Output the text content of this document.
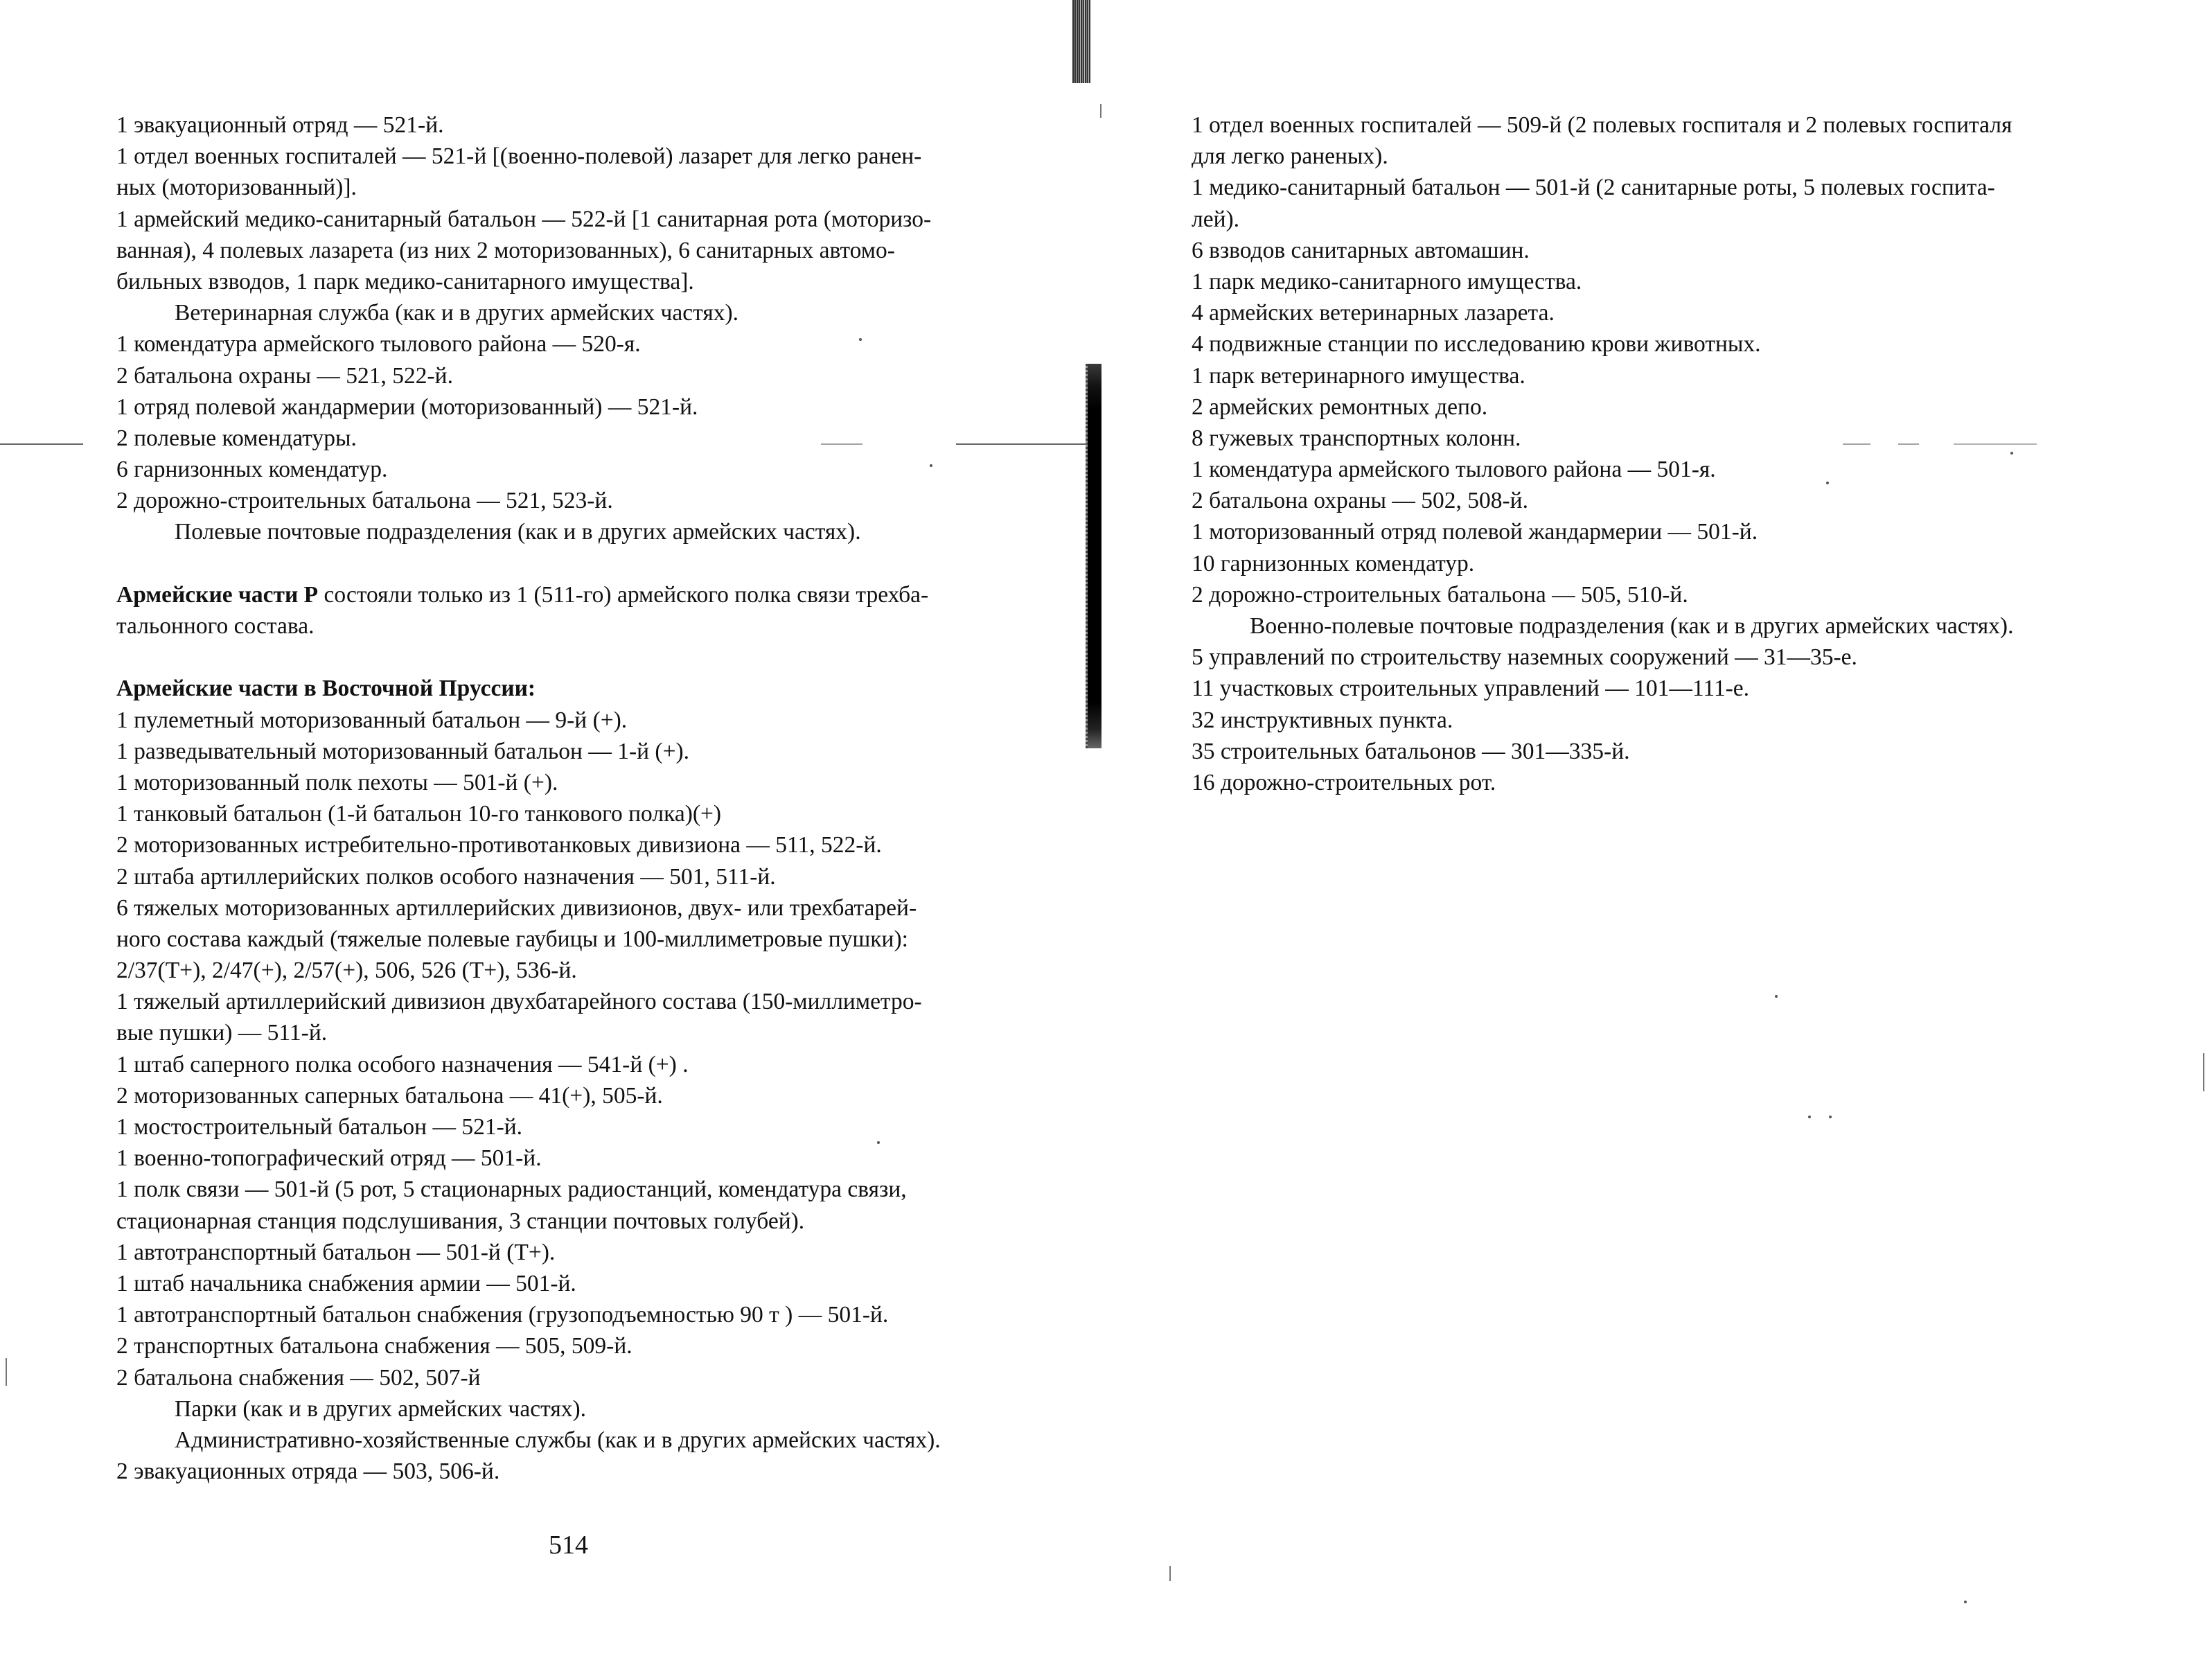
1 эвакуационный отряд — 521-й.
1 отдел военных госпиталей — 521-й [(военно-полевой) лазарет для легко ранен-
ных (моторизованный)].
1 армейский медико-санитарный батальон — 522-й [1 санитарная рота (моторизо-
ванная), 4 полевых лазарета (из них 2 моторизованных), 6 санитарных автомо-
бильных взводов, 1 парк медико-санитарного имущества].
Ветеринарная служба (как и в других армейских частях).
1 комендатура армейского тылового района — 520-я.
2 батальона охраны — 521, 522-й.
1 отряд полевой жандармерии (моторизованный) — 521-й.
2 полевые комендатуры.
6 гарнизонных комендатур.
2 дорожно-строительных батальона — 521, 523-й.
Полевые почтовые подразделения (как и в других армейских частях).
Армейские части Р состояли только из 1 (511-го) армейского полка связи трехба-
тальонного состава.
Армейские части в Восточной Пруссии:
1 пулеметный моторизованный батальон — 9-й (+).
1 разведывательный моторизованный батальон — 1-й (+).
1 моторизованный полк пехоты — 501-й (+).
1 танковый батальон (1-й батальон 10-го танкового полка)(+)
2 моторизованных истребительно-противотанковых дивизиона — 511, 522-й.
2 штаба артиллерийских полков особого назначения — 501, 511-й.
6 тяжелых моторизованных артиллерийских дивизионов, двух- или трехбатарей-
ного состава каждый (тяжелые полевые гаубицы и 100-миллиметровые пушки):
2/37(Т+), 2/47(+), 2/57(+), 506, 526 (Т+), 536-й.
1 тяжелый артиллерийский дивизион двухбатарейного состава (150-миллиметро-
вые пушки) — 511-й.
1 штаб саперного полка особого назначения — 541-й (+) .
2 моторизованных саперных батальона — 41(+), 505-й.
1 мостостроительный батальон — 521-й.
1 военно-топографический отряд — 501-й.
1 полк связи — 501-й (5 рот, 5 стационарных радиостанций, комендатура связи,
стационарная станция подслушивания, 3 станции почтовых голубей).
1 автотранспортный батальон — 501-й (Т+).
1 штаб начальника снабжения армии — 501-й.
1 автотранспортный батальон снабжения (грузоподъемностью 90 т ) — 501-й.
2 транспортных батальона снабжения — 505, 509-й.
2 батальона снабжения — 502, 507-й
Парки (как и в других армейских частях).
Административно-хозяйственные службы (как и в других армейских частях).
2 эвакуационных отряда — 503, 506-й.
514
1 отдел военных госпиталей — 509-й (2 полевых госпиталя и 2 полевых госпиталя
для легко раненых).
1 медико-санитарный батальон — 501-й (2 санитарные роты, 5 полевых госпита-
лей).
6 взводов санитарных автомашин.
1 парк медико-санитарного имущества.
4 армейских ветеринарных лазарета.
4 подвижные станции по исследованию крови животных.
1 парк ветеринарного имущества.
2 армейских ремонтных депо.
8 гужевых транспортных колонн.
1 комендатура армейского тылового района — 501-я.
2 батальона охраны — 502, 508-й.
1 моторизованный отряд полевой жандармерии — 501-й.
10 гарнизонных комендатур.
2 дорожно-строительных батальона — 505, 510-й.
Военно-полевые почтовые подразделения (как и в других армейских частях).
5 управлений по строительству наземных сооружений — 31—35-е.
11 участковых строительных управлений — 101—111-е.
32 инструктивных пункта.
35 строительных батальонов — 301—335-й.
16 дорожно-строительных рот.
